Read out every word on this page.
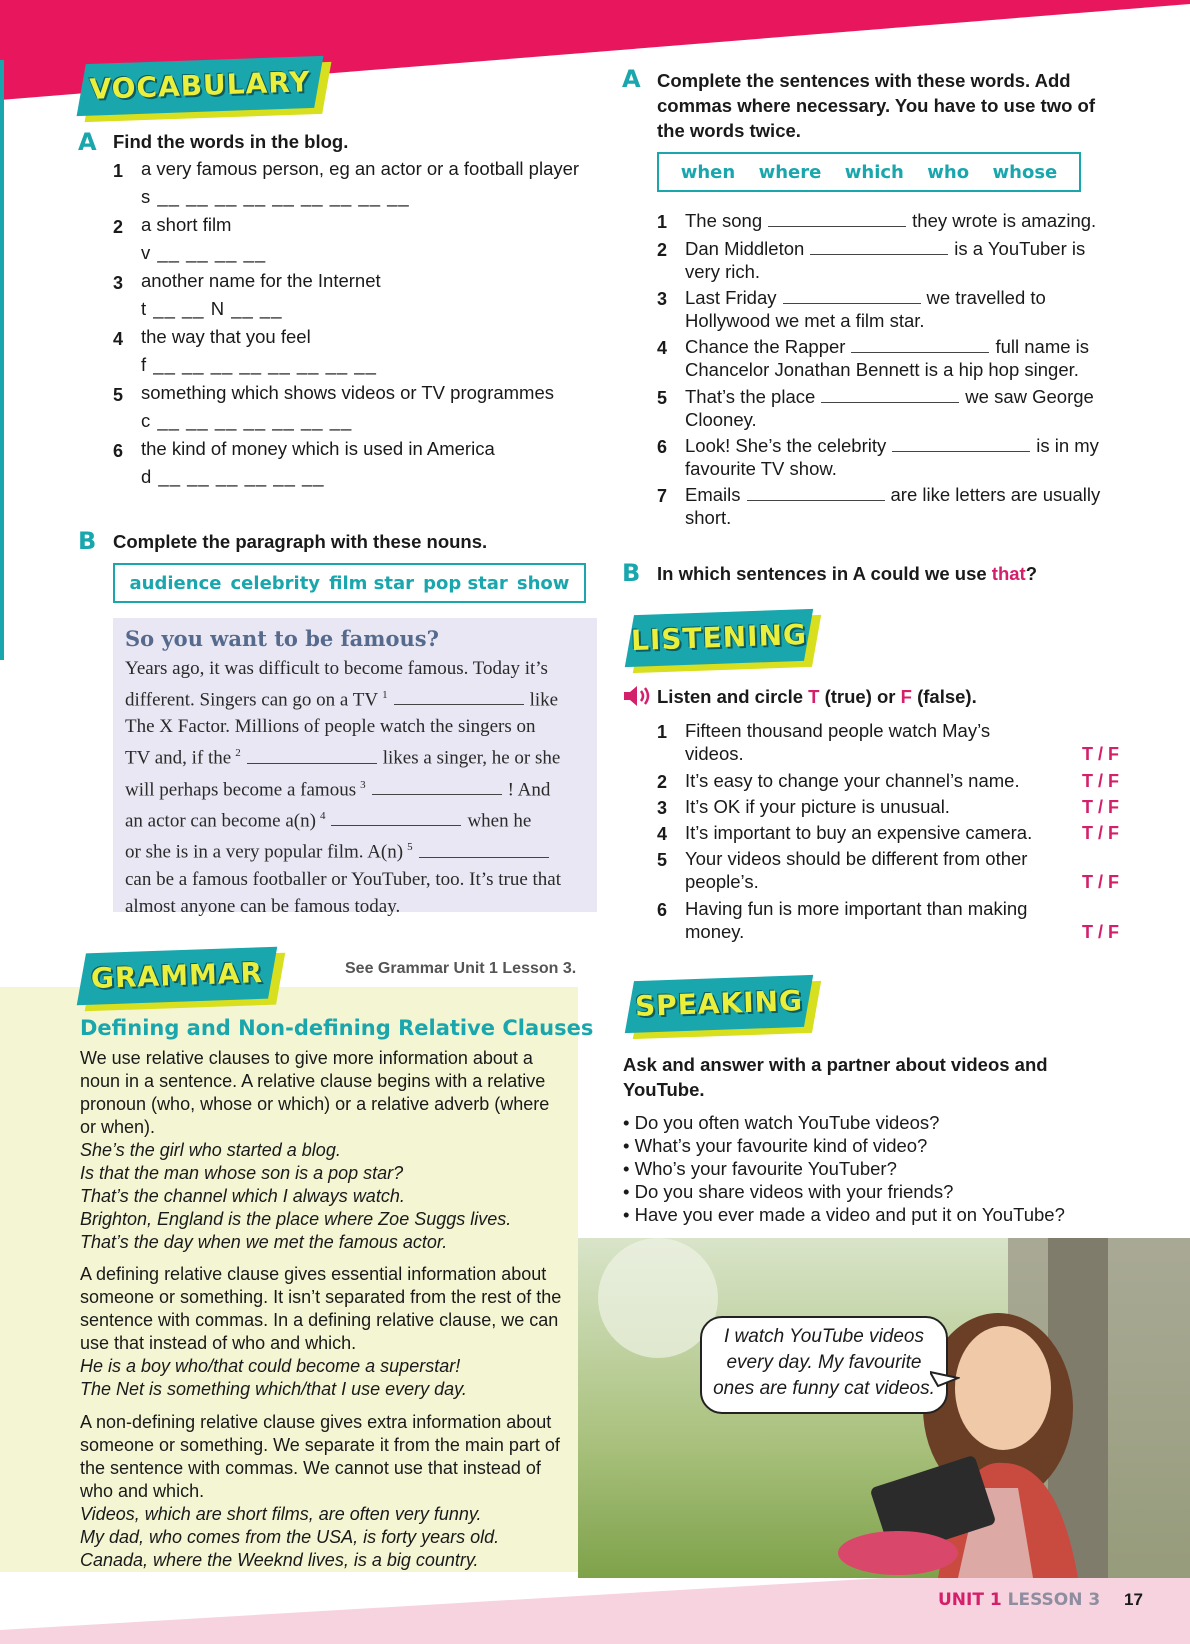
VOCABULARY
A Find the words in the blog.
1 a very famous person, eg an actor or a football player
s __ __ __ __ __ __ __ __ __
2 a short film
v __ __ __ __
3 another name for the Internet
t __ __ N __ __
4 the way that you feel
f __ __ __ __ __ __ __ __
5 something which shows videos or TV programmes
c __ __ __ __ __ __ __
6 the kind of money which is used in America
d __ __ __ __ __ __
B Complete the paragraph with these nouns.
audience celebrity film star pop star show
So you want to be famous?
Years ago, it was difficult to become famous. Today it’s
different. Singers can go on a TV $^1$	like
The X Factor. Millions of people watch the singers on
TV and, if the $^2$	likes a singer, he or she
will perhaps become a famous $^3$	! And
an actor can become a(n) $^4$	when he
or she is in a very popular film. A(n) $^5$
can be a famous footballer or YouTuber, too. It’s true that
almost anyone can be famous today.
GRAMMAR	See Grammar Unit 1 Lesson 3.
Defining and Non-defining Relative Clauses
We use relative clauses to give more information about a noun in a sentence. A relative clause begins with a relative pronoun (who, whose or which) or a relative adverb (where or when).
She’s the girl who started a blog.
Is that the man whose son is a pop star?
That’s the channel which I always watch.
Brighton, England is the place where Zoe Suggs lives.
That’s the day when we met the famous actor.
A defining relative clause gives essential information about someone or something. It isn’t separated from the rest of the sentence with commas. In a defining relative clause, we can use that instead of who and which.
He is a boy who/that could become a superstar!
The Net is something which/that I use every day.
A non-defining relative clause gives extra information about someone or something. We separate it from the main part of the sentence with commas. We cannot use that instead of who and which.
Videos, which are short films, are often very funny.
My dad, who comes from the USA, is forty years old.
Canada, where the Weeknd lives, is a big country.
A Complete the sentences with these words. Add commas where necessary. You have to use two of the words twice.
when where which who whose
1 The song	they wrote is amazing.
2 Dan Middleton	is a YouTuber is
very rich.
3 Last Friday	we travelled to
Hollywood we met a film star.
4 Chance the Rapper	full name is
Chancelor Jonathan Bennett is a hip hop singer.
5 That’s the place	we saw George
Clooney.
6 Look! She’s the celebrity	is in my
favourite TV show.
7 Emails	are like letters are usually
short.
B In which sentences in A could we use that?
LISTENING
Listen and circle T (true) or F (false).
1 Fifteen thousand people watch May’s
videos.	T / F
2 It’s easy to change your channel’s name.	T / F
3 It’s OK if your picture is unusual.	T / F
4 It’s important to buy an expensive camera.	T / F
5 Your videos should be different from other
people’s.	T / F
6 Having fun is more important than making
money.	T / F
SPEAKING
Ask and answer with a partner about videos and YouTube.
• Do you often watch YouTube videos?
• What’s your favourite kind of video?
• Who’s your favourite YouTuber?
• Do you share videos with your friends?
• Have you ever made a video and put it on YouTube?
I watch YouTube videos every day. My favourite ones are funny cat videos.
UNIT 1 LESSON 3 17
